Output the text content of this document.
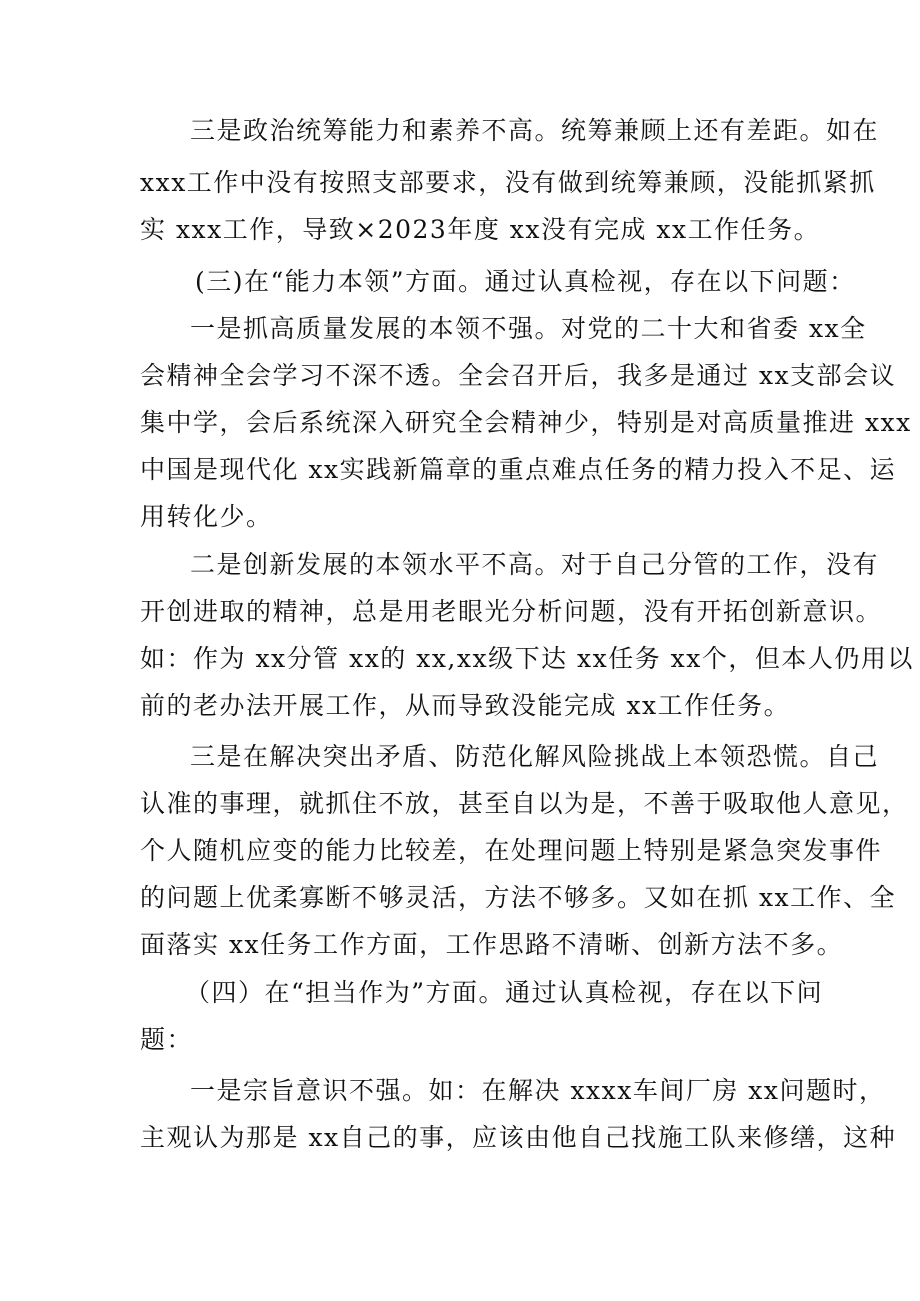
三是政治统筹能力和素养不高。统筹兼顾上还有差距。如在
xxx工作中没有按照支部要求，没有做到统筹兼顾，没能抓紧抓
实 xxx工作，导致×2023年度 xx没有完成 xx工作任务。
(三)在“能力本领”方面。通过认真检视，存在以下问题：
一是抓高质量发展的本领不强。对党的二十大和省委 xx全
会精神全会学习不深不透。全会召开后，我多是通过 xx支部会议
集中学，会后系统深入研究全会精神少，特别是对高质量推进 xxx
中国是现代化 xx实践新篇章的重点难点任务的精力投入不足、运
用转化少。
二是创新发展的本领水平不高。对于自己分管的工作，没有
开创进取的精神，总是用老眼光分析问题，没有开拓创新意识。
如：作为 xx分管 xx的 xx,xx级下达 xx任务 xx个，但本人仍用以
前的老办法开展工作，从而导致没能完成 xx工作任务。
三是在解决突出矛盾、防范化解风险挑战上本领恐慌。自己
认准的事理，就抓住不放，甚至自以为是，不善于吸取他人意见，
个人随机应变的能力比较差，在处理问题上特别是紧急突发事件
的问题上优柔寡断不够灵活，方法不够多。又如在抓 xx工作、全
面落实 xx任务工作方面，工作思路不清晰、创新方法不多。
（四）在“担当作为”方面。通过认真检视，存在以下问
题：
一是宗旨意识不强。如：在解决 xxxx车间厂房 xx问题时，
主观认为那是 xx自己的事，应该由他自己找施工队来修缮，这种
